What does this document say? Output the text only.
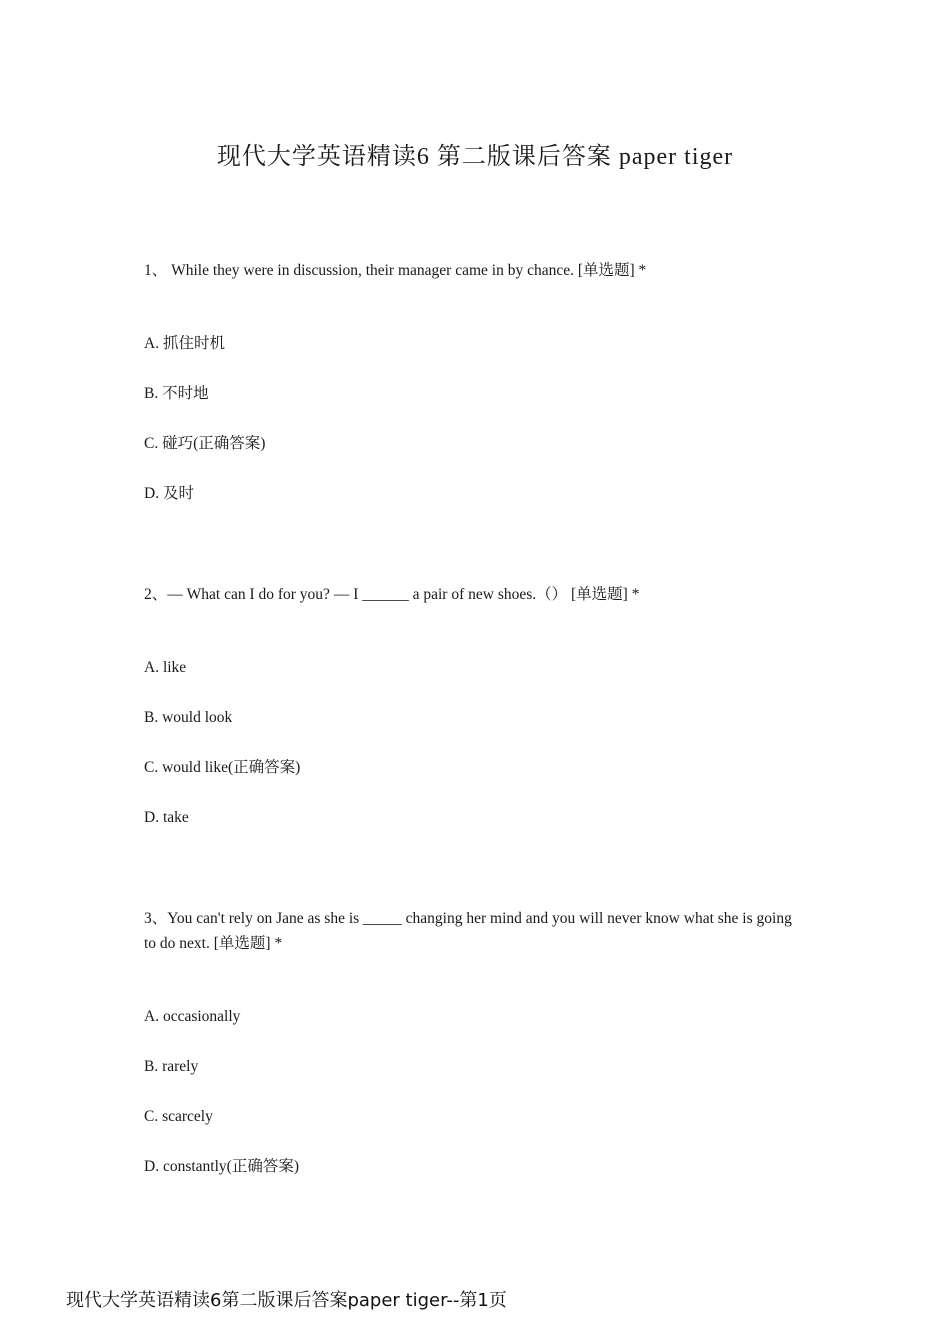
现代大学英语精读6 第二版课后答案 paper tiger

1、 While they were in discussion, their manager came in by chance. [单选题] *

A. 抓住时机

B. 不时地

C. 碰巧(正确答案)

D. 及时

2、— What can I do for you? — I ______ a pair of new shoes.（） [单选题] *

A. like

B. would look

C. would like(正确答案)

D. take

3、You can't rely on Jane as she is _____ changing her mind and you will never know what she is going to do next. [单选题] *

A. occasionally

B. rarely

C. scarcely

D. constantly(正确答案)

现代大学英语精读6第二版课后答案paper tiger--第1页
